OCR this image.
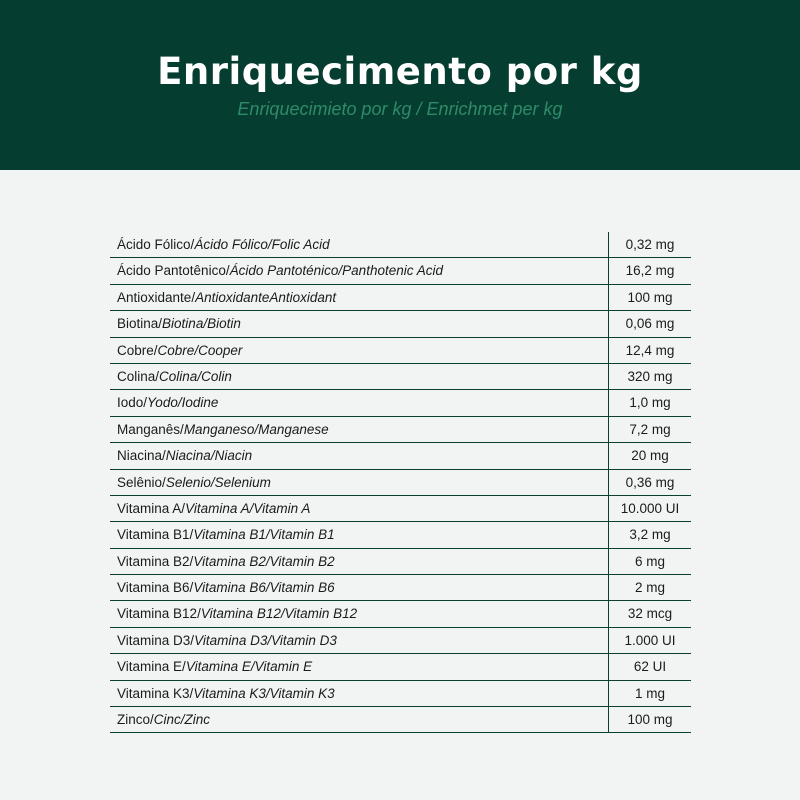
Enriquecimento por kg
Enriquecimieto por kg / Enrichmet per kg
Ácido Fólico/Ácido Fólico/Folic Acid	0,32 mg
Ácido Pantotênico/Ácido Pantoténico/Panthotenic Acid	16,2 mg
Antioxidante/AntioxidanteAntioxidant	100 mg
Biotina/Biotina/Biotin	0,06 mg
Cobre/Cobre/Cooper	12,4 mg
Colina/Colina/Colin	320 mg
Iodo/Yodo/Iodine	1,0 mg
Manganês/Manganeso/Manganese	7,2 mg
Niacina/Niacina/Niacin	20 mg
Selênio/Selenio/Selenium	0,36 mg
Vitamina A/Vitamina A/Vitamin A	10.000 UI
Vitamina B1/Vitamina B1/Vitamin B1	3,2 mg
Vitamina B2/Vitamina B2/Vitamin B2	6 mg
Vitamina B6/Vitamina B6/Vitamin B6	2 mg
Vitamina B12/Vitamina B12/Vitamin B12	32 mcg
Vitamina D3/Vitamina D3/Vitamin D3	1.000 UI
Vitamina E/Vitamina E/Vitamin E	62 UI
Vitamina K3/Vitamina K3/Vitamin K3	1 mg
Zinco/Cinc/Zinc	100 mg
